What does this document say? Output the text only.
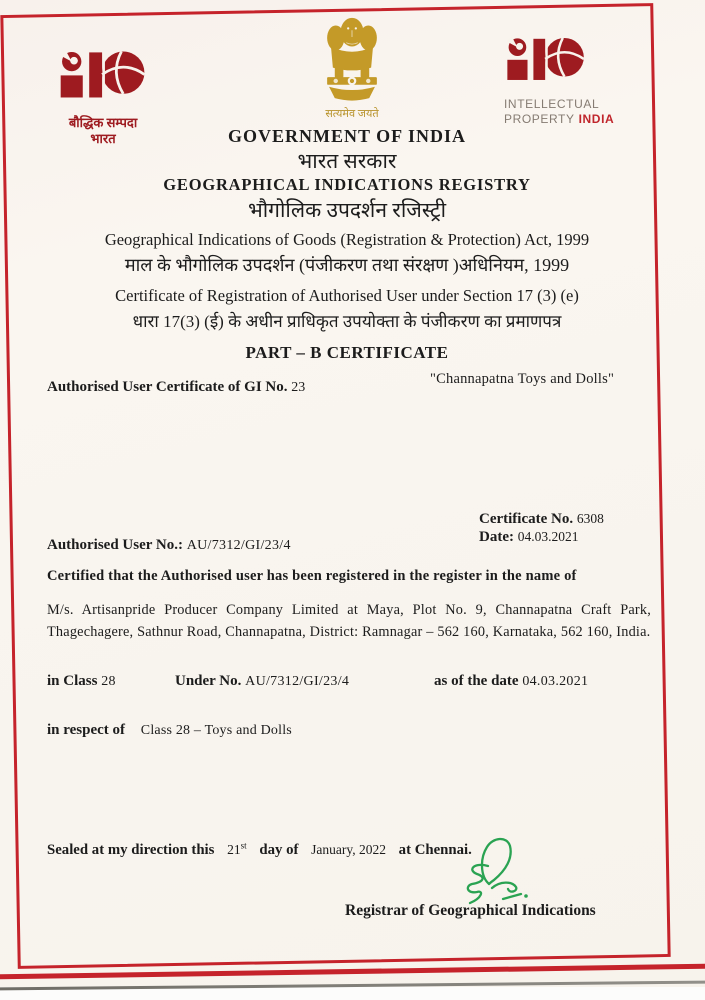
बौद्धिक सम्पदा
भारत
सत्यमेव जयते
INTELLECTUAL
PROPERTY INDIA
GOVERNMENT OF INDIA
भारत सरकार
GEOGRAPHICAL INDICATIONS REGISTRY
भौगोलिक उपदर्शन रजिस्ट्री
Geographical Indications of Goods (Registration & Protection) Act, 1999
माल के भौगोलिक उपदर्शन (पंजीकरण तथा संरक्षण )अधिनियम, 1999
Certificate of Registration of Authorised User under Section 17 (3) (e)
धारा 17(3) (ई) के अधीन प्राधिकृत उपयोक्ता के पंजीकरण का प्रमाणपत्र
PART – B CERTIFICATE
Authorised User Certificate of GI No. 23
"Channapatna Toys and Dolls"
Certificate No. 6308
Date: 04.03.2021
Authorised User No.: AU/7312/GI/23/4
Certified that the Authorised user has been registered in the register in the name of
M/s. Artisanpride Producer Company Limited at Maya, Plot No. 9, Channapatna Craft Park, Thagechagere, Sathnur Road, Channapatna, District: Ramnagar – 562 160, Karnataka, 562 160, India.
in Class 28	Under No. AU/7312/GI/23/4	as of the date 04.03.2021
in respect of Class 28 – Toys and Dolls
Sealed at my direction this 21st day of January, 2022 at Chennai.
Registrar of Geographical Indications
